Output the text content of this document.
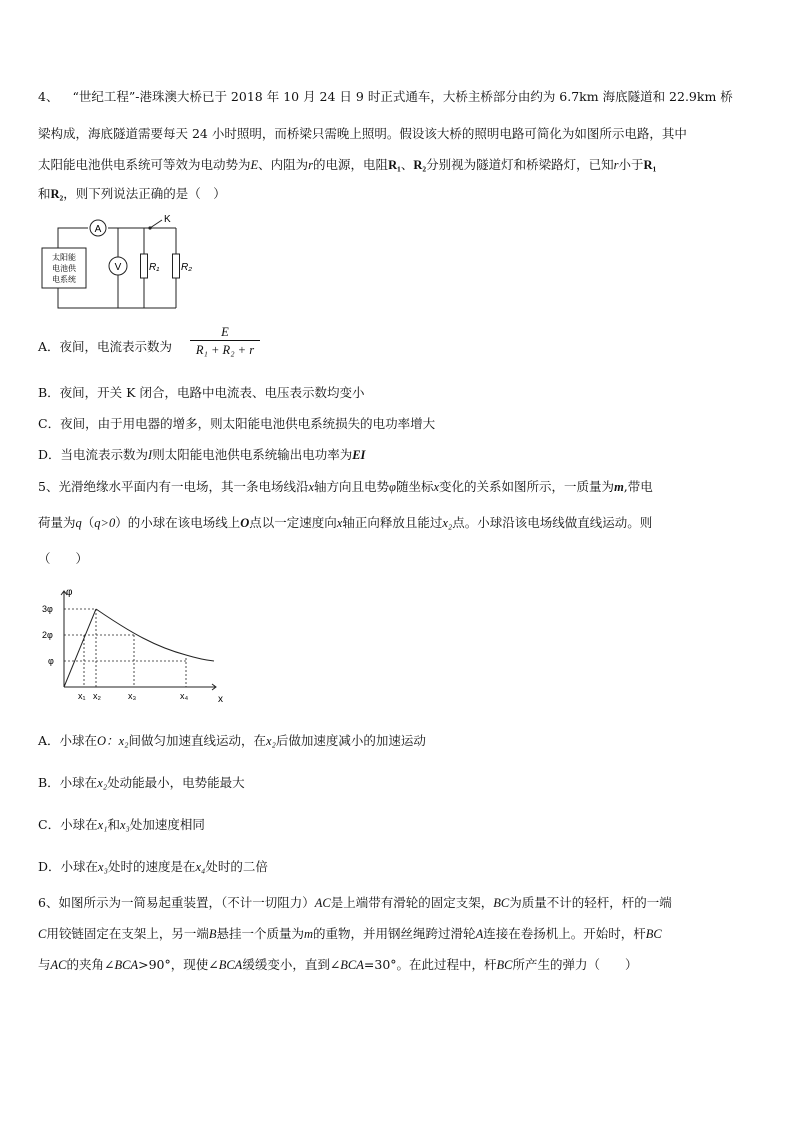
4、 “世纪工程”-港珠澳大桥已于 2018 年 10 月 24 日 9 时正式通车，大桥主桥部分由约为 6.7km 海底隧道和 22.9km 桥
梁构成，海底隧道需要每天 24 小时照明，而桥梁只需晚上照明。假设该大桥的照明电路可简化为如图所示电路，其中
太阳能电池供电系统可等效为电动势为E、内阻为r的电源，电阻R₁、R₂分别视为隧道灯和桥梁路灯，已知r小于R₁
和R₂，则下列说法正确的是（　）
A
V
K
R₁ R₂
太阳能
电池供
电系统
A．夜间，电流表示数为
E
R₁ + R₂ + r
B．夜间，开关 K 闭合，电路中电流表、电压表示数均变小
C．夜间，由于用电器的增多，则太阳能电池供电系统损失的电功率增大
D．当电流表示数为I则太阳能电池供电系统输出电功率为EI
5、光滑绝缘水平面内有一电场，其一条电场线沿x轴方向且电势φ随坐标x变化的关系如图所示，一质量为m,带电
荷量为q（q>0）的小球在该电场线上O点以一定速度向x轴正向释放且能过x₂点。小球沿该电场线做直线运动。则
（　　）
φ
x
3φ
2φ
φ
x₁ x₂	x₃	x₄
A．小球在O：x₂间做匀加速直线运动，在x₂后做加速度减小的加速运动
B．小球在x₂处动能最小，电势能最大
C．小球在x₁和x₃处加速度相同
D．小球在x₃处时的速度是在x₄处时的二倍
6、如图所示为一简易起重装置，（不计一切阻力）AC是上端带有滑轮的固定支架，BC为质量不计的轻杆，杆的一端
C用铰链固定在支架上，另一端B悬挂一个质量为m的重物，并用钢丝绳跨过滑轮A连接在卷扬机上。开始时，杆BC
与AC的夹角∠BCA>90°，现使∠BCA缓缓变小，直到∠BCA=30°。在此过程中，杆BC所产生的弹力（　　）
